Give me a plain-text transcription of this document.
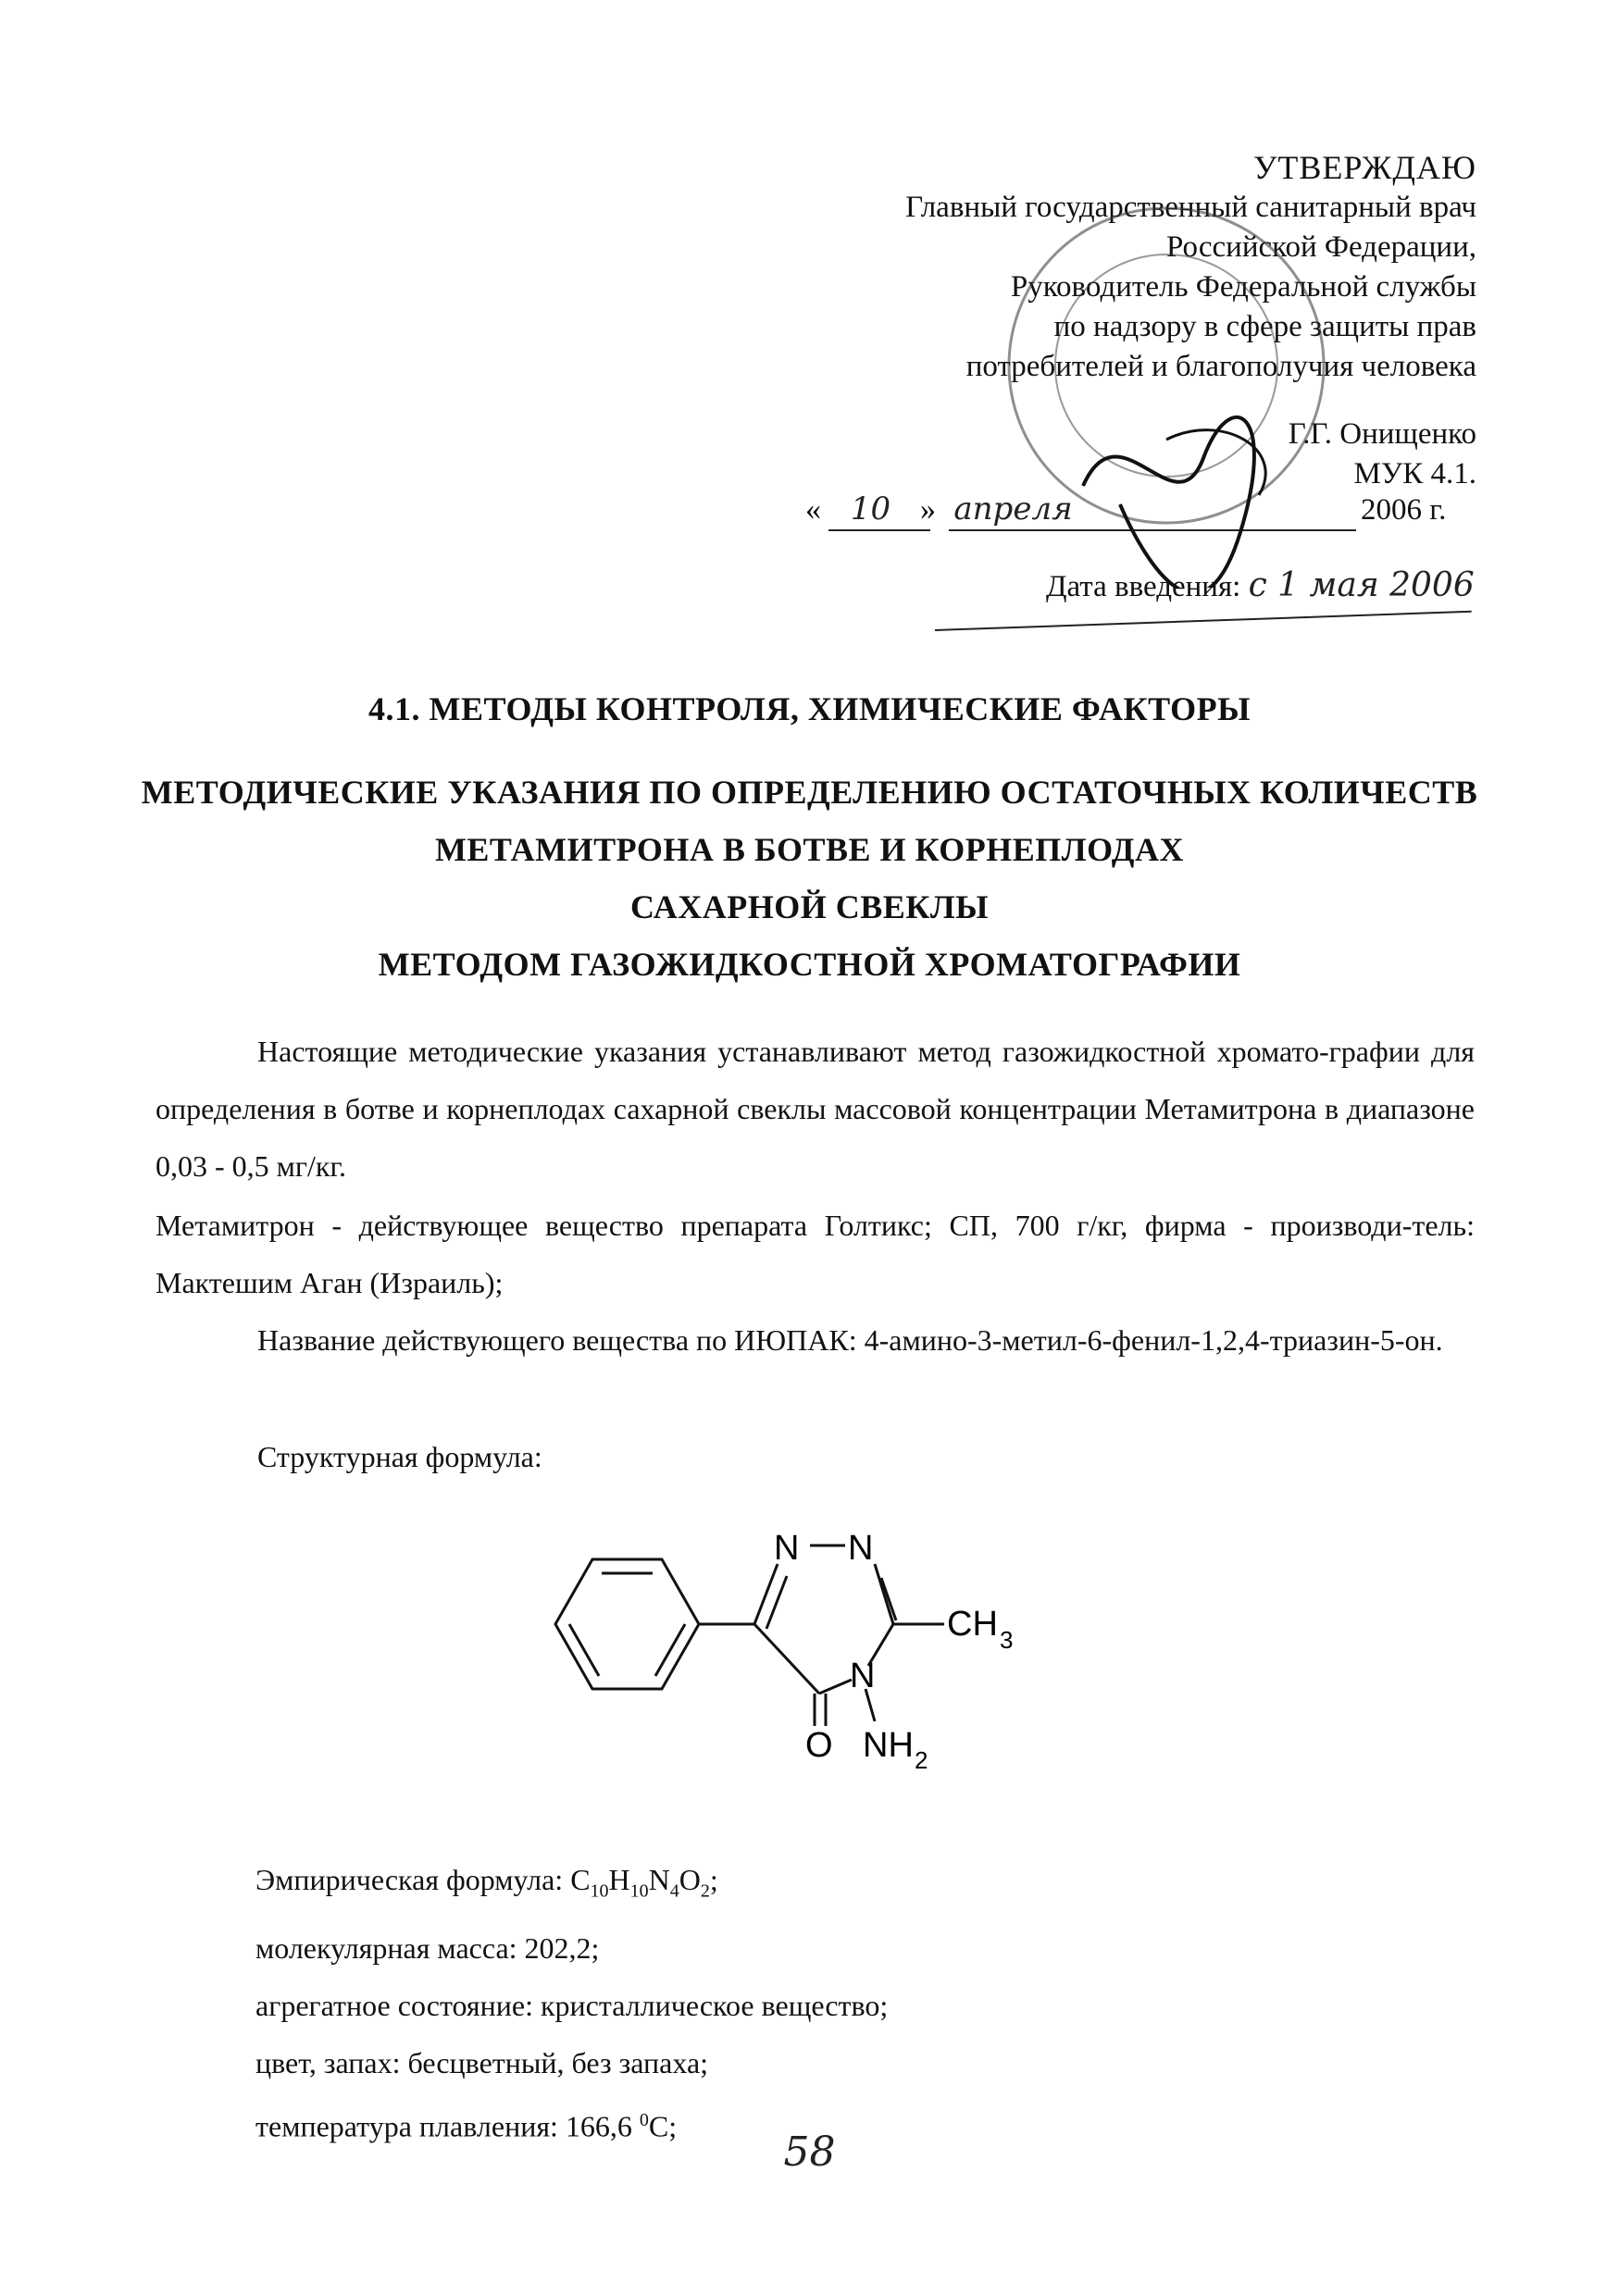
УТВЕРЖДАЮ
Главный государственный санитарный врач
Российской Федерации,
Руководитель Федеральной службы
по надзору в сфере защиты прав
потребителей и благополучия человека
Г.Г. Онищенко
МУК 4.1.
« 10 » апреля	2006 г.
Дата введения: с 1 мая 2006
4.1. МЕТОДЫ КОНТРОЛЯ, ХИМИЧЕСКИЕ ФАКТОРЫ
МЕТОДИЧЕСКИЕ УКАЗАНИЯ ПО ОПРЕДЕЛЕНИЮ ОСТАТОЧНЫХ КОЛИЧЕСТВ
МЕТАМИТРОНА В БОТВЕ И КОРНЕПЛОДАХ
САХАРНОЙ СВЕКЛЫ
МЕТОДОМ ГАЗОЖИДКОСТНОЙ ХРОМАТОГРАФИИ
Настоящие методические указания устанавливают метод газожидкостной хромато-графии для определения в ботве и корнеплодах сахарной свеклы массовой концентрации Метамитрона в диапазоне 0,03 - 0,5 мг/кг.
Метамитрон - действующее вещество препарата Голтикс; СП, 700 г/кг, фирма - производи-тель: Мактешим Аган (Израиль);
Название действующего вещества по ИЮПАК: 4-амино-3-метил-6-фенил-1,2,4-триазин-5-он.
Структурная формула:
N N
N
CH 3
O NH 2
Эмпирическая формула: $C_{10}H_{10}N_4O_2$;
молекулярная масса: 202,2;
агрегатное состояние: кристаллическое вещество;
цвет, запах: бесцветный, без запаха;
температура плавления: 166,6 $^0$С;
58
